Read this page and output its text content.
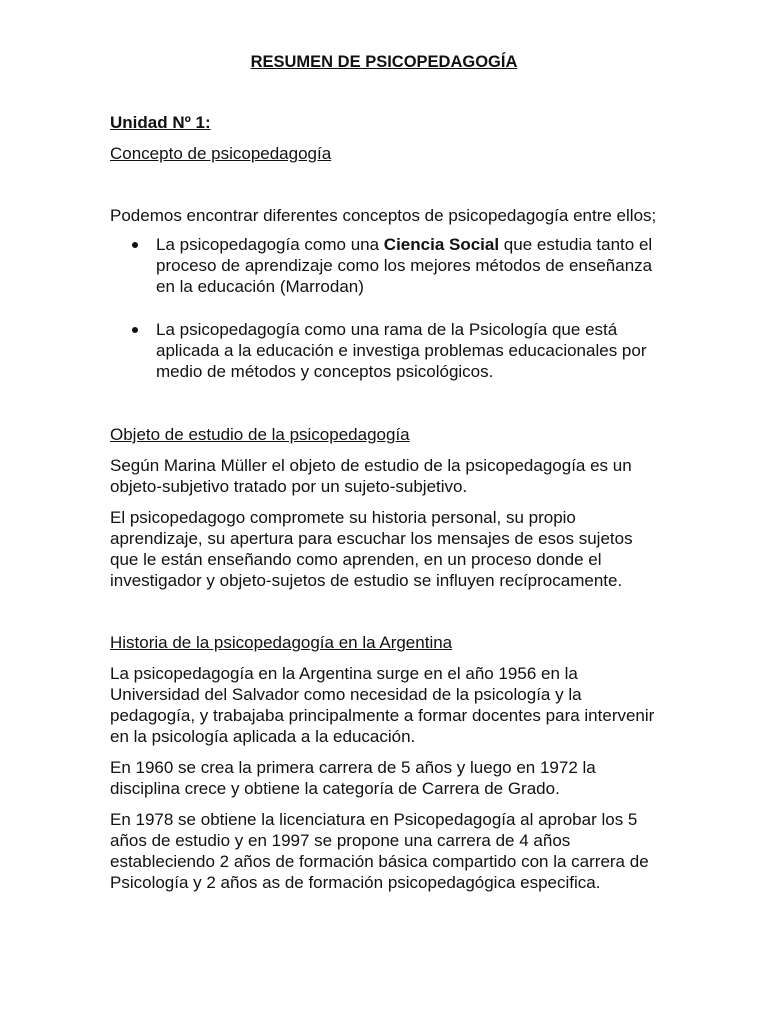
RESUMEN DE PSICOPEDAGOGÍA
Unidad Nº 1:
Concepto de psicopedagogía

Podemos encontrar diferentes conceptos de psicopedagogía entre ellos;

La psicopedagogía como una Ciencia Social que estudia tanto el proceso de aprendizaje como los mejores métodos de enseñanza en la educación (Marrodan)
La psicopedagogía como una rama de la Psicología que está aplicada a la educación e investiga problemas educacionales por medio de métodos y conceptos psicológicos.
Objeto de estudio de la psicopedagogía

Según Marina Müller el objeto de estudio de la psicopedagogía es un objeto-subjetivo tratado por un sujeto-subjetivo.

El psicopedagogo compromete su historia personal, su propio aprendizaje, su apertura para escuchar los mensajes de esos sujetos que le están enseñando como aprenden, en un proceso donde el investigador y objeto-sujetos de estudio se influyen recíprocamente.

Historia de la psicopedagogía en la Argentina

La psicopedagogía en la Argentina surge en el año 1956 en la Universidad del Salvador como necesidad de la psicología y la pedagogía, y trabajaba principalmente a formar docentes para intervenir en la psicología aplicada a la educación.

En 1960 se crea la primera carrera de 5 años y luego en 1972 la disciplina crece y obtiene la categoría de Carrera de Grado.

En 1978 se obtiene la licenciatura en Psicopedagogía al aprobar los 5 años de estudio y en 1997 se propone una carrera de 4 años estableciendo 2 años de formación básica compartido con la carrera de Psicología y 2 años as de formación psicopedagógica especifica.
